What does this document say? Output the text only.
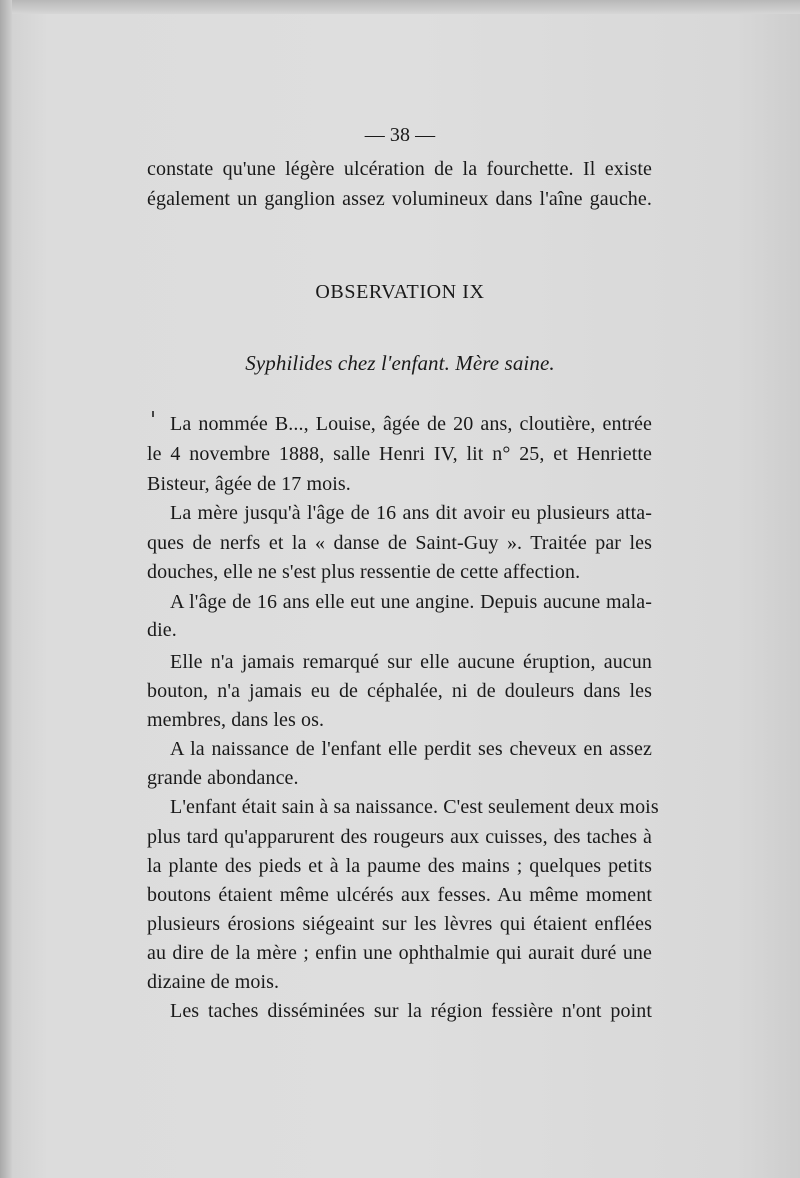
— 38 —
constate qu'une légère ulcération de la fourchette. Il existe
également un ganglion assez volumineux dans l'aîne gauche.
OBSERVATION IX
Syphilides chez l'enfant. Mère saine.
La nommée B..., Louise, âgée de 20 ans, cloutière, entrée
le 4 novembre 1888, salle Henri IV, lit n° 25, et Henriette
Bisteur, âgée de 17 mois.
La mère jusqu'à l'âge de 16 ans dit avoir eu plusieurs atta-
ques de nerfs et la « danse de Saint-Guy ». Traitée par les
douches, elle ne s'est plus ressentie de cette affection.
A l'âge de 16 ans elle eut une angine. Depuis aucune mala-
die.
Elle n'a jamais remarqué sur elle aucune éruption, aucun
bouton, n'a jamais eu de céphalée, ni de douleurs dans les
membres, dans les os.
A la naissance de l'enfant elle perdit ses cheveux en assez
grande abondance.
L'enfant était sain à sa naissance. C'est seulement deux mois
plus tard qu'apparurent des rougeurs aux cuisses, des taches à
la plante des pieds et à la paume des mains ; quelques petits
boutons étaient même ulcérés aux fesses. Au même moment
plusieurs érosions siégeaint sur les lèvres qui étaient enflées
au dire de la mère ; enfin une ophthalmie qui aurait duré une
dizaine de mois.
Les taches disséminées sur la région fessière n'ont point
